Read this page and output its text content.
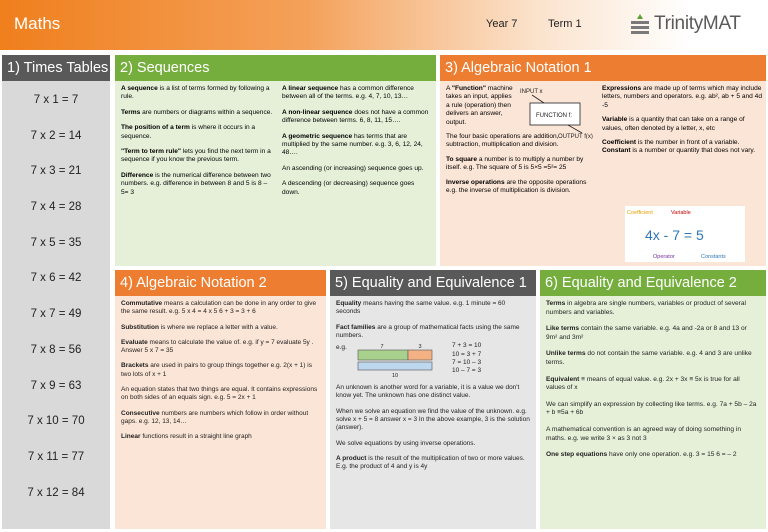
Maths	Year 7	Term 1	TrinityMAT
1) Times Tables
7 x 1 = 7
7 x 2 = 14
7 x 3 = 21
7 x 4 = 28
7 x 5 = 35
7 x 6 = 42
7 x 7 = 49
7 x 8 = 56
7 x 9 = 63
7 x 10 = 70
7 x 11 = 77
7 x 12 = 84
2) Sequences

A sequence is a list of terms formed by following a rule.

Terms are numbers or diagrams within a sequence.

The position of a term is where it occurs in a sequence.

"Term to term rule" lets you find the next term in a sequence if you know the previous term.

Difference is the numerical difference between two numbers. e.g. difference in between 8 and 5 is 8 – 5= 3

A linear sequence has a common difference between all of the terms. e.g. 4, 7, 10, 13…

A non-linear sequence does not have a common difference between terms. 6, 8, 11, 15….

A geometric sequence has terms that are multiplied by the same number. e.g. 3, 6, 12, 24, 48….

An ascending (or increasing) sequence goes up.

A descending (or decreasing) sequence goes down.

3) Algebraic Notation 1

A "Function" machine takes an input, applies a rule (operation) then delivers an answer, output.

The four basic operations are addition, subtraction, multiplication and division.

To square a number is to multiply a number by itself. e.g. The square of 5 is 5×5 =5²= 25

Inverse operations are the opposite operations e.g. the inverse of multiplication is division.

INPUT x
FUNCTION f:
OUTPUT f(x)

Expressions are made up of terms which may include letters, numbers and operators. e.g. ab², ab + 5 and 4d -5

Variable is a quantity that can take on a range of values, often denoted by a letter, x, etc

Coefficient is the number in front of a variable.

Constant is a number or quantity that does not vary.

Coefficient	Variable
4x - 7 = 5
Operator	Constants
4) Algebraic Notation 2

Commutative means a calculation can be done in any order to give the same result. e.g. 5 x 4 = 4 x 5 6 + 3 = 3 + 6

Substitution is where we replace a letter with a value.

Evaluate means to calculate the value of. e.g. if y = 7 evaluate 5y . Answer 5 x 7 = 35

Brackets are used in pairs to group things together e.g. 2(x + 1) is two lots of x + 1

An equation states that two things are equal. It contains expressions on both sides of an equals sign. e.g. 5 = 2x + 1

Consecutive numbers are numbers which follow in order without gaps. e.g. 12, 13, 14…

Linear functions result in a straight line graph

5) Equality and Equivalence 1

Equality means having the same value. e.g. 1 minute = 60 seconds

Fact families are a group of mathematical facts using the same numbers.

e.g.	7	3
10
7 + 3 = 10
10 = 3 + 7
7 = 10 – 3
10 – 7 = 3

An unknown is another word for a variable, it is a value we don't know yet. The unknown has one distinct value.

When we solve an equation we find the value of the unknown. e.g. solve x + 5 = 8 answer x = 3 In the above example, 3 is the solution (answer).

We solve equations by using inverse operations.

A product is the result of the multiplication of two or more values. E.g. the product of 4 and y is 4y

6) Equality and Equivalence 2

Terms in algebra are single numbers, variables or product of several numbers and variables.

Like terms contain the same variable. e.g. 4a and -2a or 8 and 13 or 9m² and 3m²

Unlike terms do not contain the same variable. e.g. 4 and 3 are unlike terms.

Equivalent ≡ means of equal value. e.g. 2x + 3x ≡ 5x is true for all values of x

We can simplify an expression by collecting like terms. e.g. 7a + 5b – 2a + b ≡5a + 6b

A mathematical convention is an agreed way of doing something in maths. e.g. we write 3 × as 3 not 3

One step equations have only one operation. e.g. 3 = 15 6 = – 2
